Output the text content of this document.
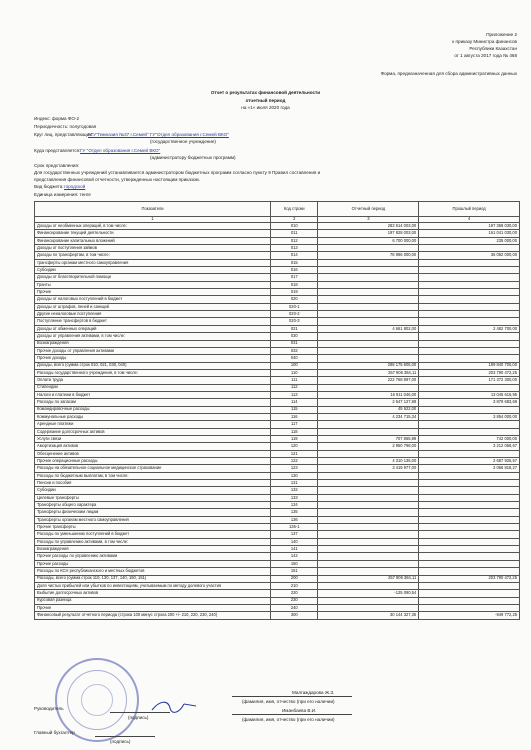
Приложение 2
к приказу Министра финансов
Республики Казахстан
от 1 августа 2017 года № 468
Форма, предназначенная для сбора административных данных
Отчет о результатах финансовой деятельности
отчетный период
на «1» июля 2020 года
Индекс: форма ФО-2
Периодичность: полугодовая
Круг лиц, представляющих:
КГУ"Гимназия №37 г.Семей" ГУ"Отдел образования г.Семей ВКО"
(государственное учреждение)
Куда представляется: ГУ "Отдел образования г.Семей ВКО"
(администратору бюджетных программ)
Срок представления:
Для государственных учреждений устанавливается администратором бюджетных программ согласно пункту 9 Правил составления и
представления финансовой отчетности, утвержденных настоящим приказом.
Вид бюджета: городской
Единица измерения: тенге
Показатели	Код строки	Отчетный период	Прошлый период
1	2	3	4
Доходы от необменных операций, в том числе:	010	283 514 003,00	197 358 030,00
Финансирование текущей деятельности	011	197 828 003,00	161 041 030,00
Финансирование капитальных вложений	012	6 700 000,00	235 000,00
Доходы от поступления займов	013		
Доходы по трансфертам, в том числе:	014	78 986 000,00	36 082 000,00
трансферты органам местного самоуправления	015		
Субсидии	016		
Доходы от благотворительной помощи	017		
Гранты	018		
Прочие	019		
Доходы от налоговых поступлений в бюджет	020		
Доходы от штрафов, пеней и санкций	020-1		
Другие неналоговые поступления	020-2		
Поступление трансфертов в бюджет	020-3		
Доходы от обменных операций	021	4 661 802,00	2 482 700,00
Доходы от управления активами, в том числе:	030		
Вознаграждения	031		
Прочие доходы от управления активами	032		
Прочие доходы	040		
Доходы, всего (сумма строк 010, 021, 030, 040)	100	288 175 805,00	199 840 700,00
Расходы государственного учреждения, в том числе:	110	257 906 384,11	203 790 472,25
Оплата труда	111	222 768 897,00	171 372 300,00
Стипендии	112		
Налоги и платежи в бюджет	113	16 911 046,00	13 045 616,95
Расходы по запасам	114	2 547 127,88	3 879 683,69
Командировочные расходы	115	45 622,00	
Коммунальные расходы	116	4 234 715,34	3 854 000,00
Арендные платежи	117		
Содержание долгосрочных активов	118		
Услуги связи	119	707 865,89	742 000,00
Амортизация активов	120	2 950 798,00	3 212 058,67
Обесценение активов	121		
Прочие операционные расходы	122	4 310 135,00	2 687 925,67
Расходы на обязательное социальное медицинское страхование	123	3 419 977,00	2 066 818,27
Расходы по бюджетным выплатам, в том числе:	130		
Пенсии и пособия	131		
Субсидии	132		
Целевые трансферты	133		
Трансферты общего характера	134		
Трансферты физическим лицам	135		
Трансферты органам местного самоуправления	136		
Прочие трансферты	136-1		
Расходы по уменьшению поступлений в бюджет	137		
Расходы по управлению активами, в том числе:	140		
Вознаграждения	141		
Прочие расходы по управлению активами	142		
Прочие расходы	150		
Расходы по КСН республиканского и местных бюджетов	151		
Расходы, всего (сумма строк 110, 130, 137, 140, 150, 151)	200	257 906 384,11	203 790 472,25
Доля чистых прибылей или убытков по инвестициям, учитываемым по методу долевого участия	210		
Выбытие долгосрочных активов	220	-125 090,54	
Курсовая разница	230		
Прочие	240		
Финансовый результат отчетного периода (строка 100 минус строка 200 +/- 210, 220, 230, 240)	300	30 144 327,35	-949 772,25
Руководитель
(подпись)
Малгаждарова Ж.З.
(фамилия, имя, отчество (при его наличии)
Главный бухгалтер
(подпись)
Иманбаева В.И.
(фамилия, имя, отчество (при его наличии)
